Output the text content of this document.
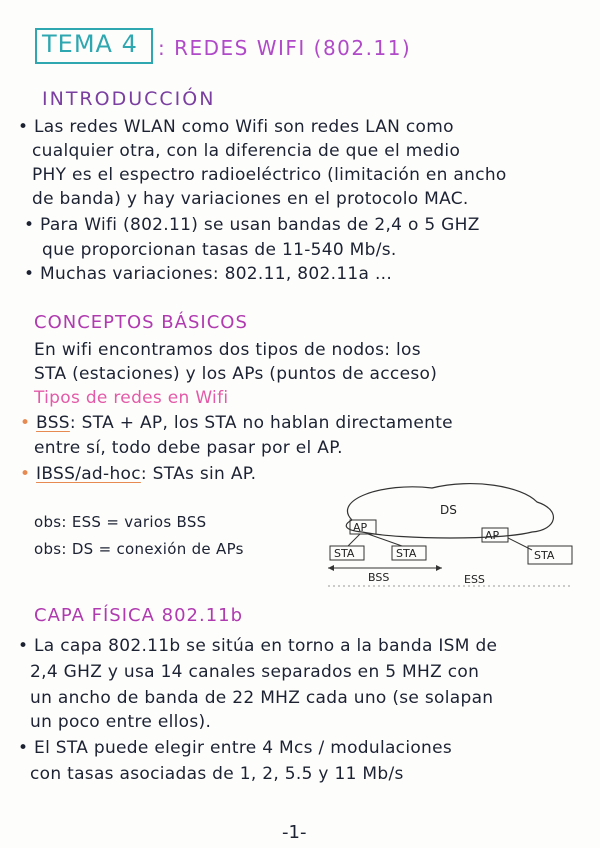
TEMA 4 : REDES WIFI (802.11)
INTRODUCCIÓN
• Las redes WLAN como Wifi son redes LAN como
cualquier otra, con la diferencia de que el medio
PHY es el espectro radioeléctrico (limitación en ancho
de banda) y hay variaciones en el protocolo MAC.
• Para Wifi (802.11) se usan bandas de 2,4 o 5 GHZ
que proporcionan tasas de 11-540 Mb/s.
• Muchas variaciones: 802.11, 802.11a ...
CONCEPTOS BÁSICOS
En wifi encontramos dos tipos de nodos: los
STA (estaciones) y los APs (puntos de acceso)
Tipos de redes en Wifi
• BSS: STA + AP, los STA no hablan directamente
entre sí, todo debe pasar por el AP.
• IBSS/ad-hoc: STAs sin AP.
obs: ESS = varios BSS
obs: DS = conexión de APs
DS
AP
AP
STA	STA	STA
BSS	ESS
CAPA FÍSICA 802.11b
• La capa 802.11b se sitúa en torno a la banda ISM de
2,4 GHZ y usa 14 canales separados en 5 MHZ con
un ancho de banda de 22 MHZ cada uno (se solapan
un poco entre ellos).
• El STA puede elegir entre 4 Mcs / modulaciones
con tasas asociadas de 1, 2, 5.5 y 11 Mb/s
-1-
